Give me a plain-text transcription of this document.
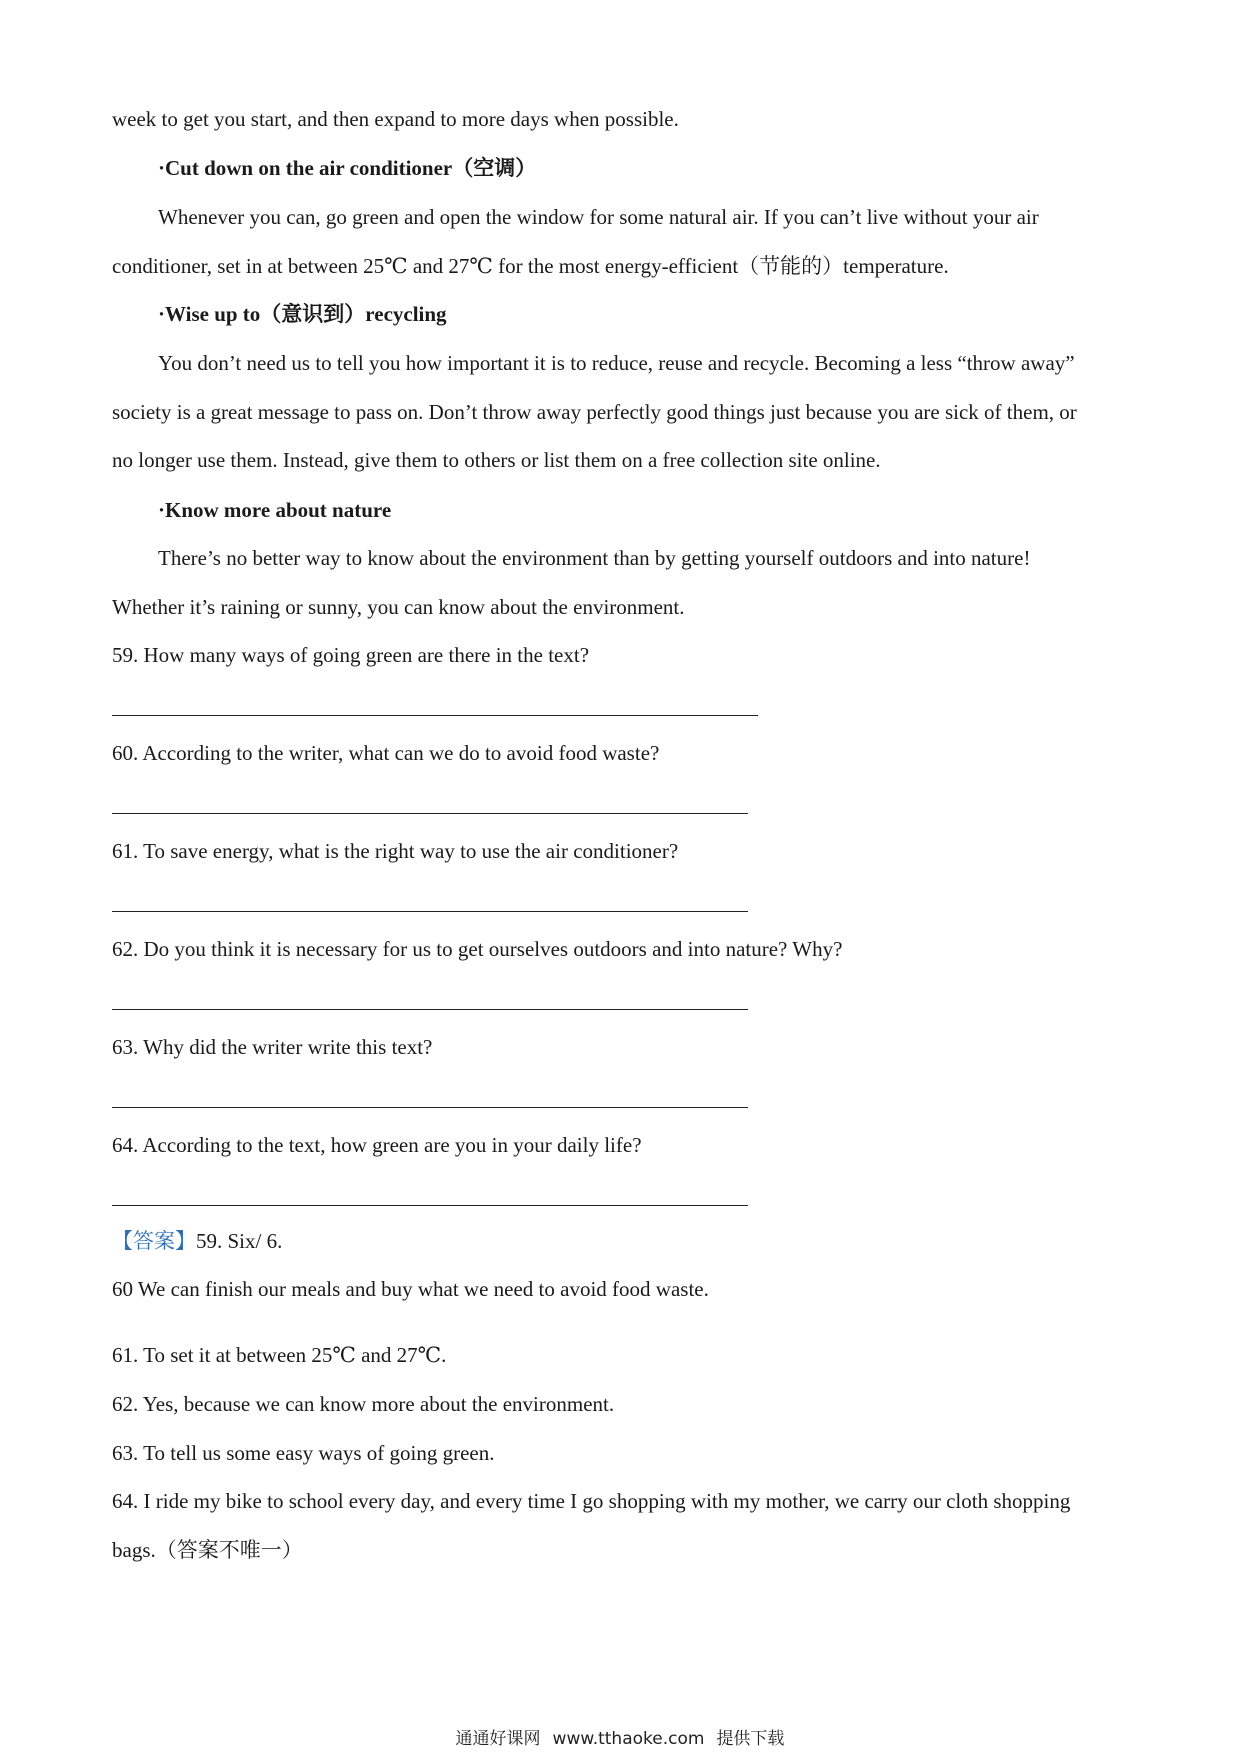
week to get you start, and then expand to more days when possible.
·Cut down on the air conditioner（空调）
Whenever you can, go green and open the window for some natural air. If you can’t live without your air
conditioner, set in at between 25℃ and 27℃ for the most energy-efficient（节能的）temperature.
·Wise up to（意识到）recycling
You don’t need us to tell you how important it is to reduce, reuse and recycle. Becoming a less “throw away”
society is a great message to pass on. Don’t throw away perfectly good things just because you are sick of them, or
no longer use them. Instead, give them to others or list them on a free collection site online.
·Know more about nature
There’s no better way to know about the environment than by getting yourself outdoors and into nature!
Whether it’s raining or sunny, you can know about the environment.
59. How many ways of going green are there in the text?
60. According to the writer, what can we do to avoid food waste?
61. To save energy, what is the right way to use the air conditioner?
62. Do you think it is necessary for us to get ourselves outdoors and into nature? Why?
63. Why did the writer write this text?
64. According to the text, how green are you in your daily life?
【答案】59. Six/ 6.
60 We can finish our meals and buy what we need to avoid food waste.
61. To set it at between 25℃ and 27℃.
62. Yes, because we can know more about the environment.
63. To tell us some easy ways of going green.
64. I ride my bike to school every day, and every time I go shopping with my mother, we carry our cloth shopping
bags.（答案不唯一）
通通好课网 www.tthaoke.com 提供下载
